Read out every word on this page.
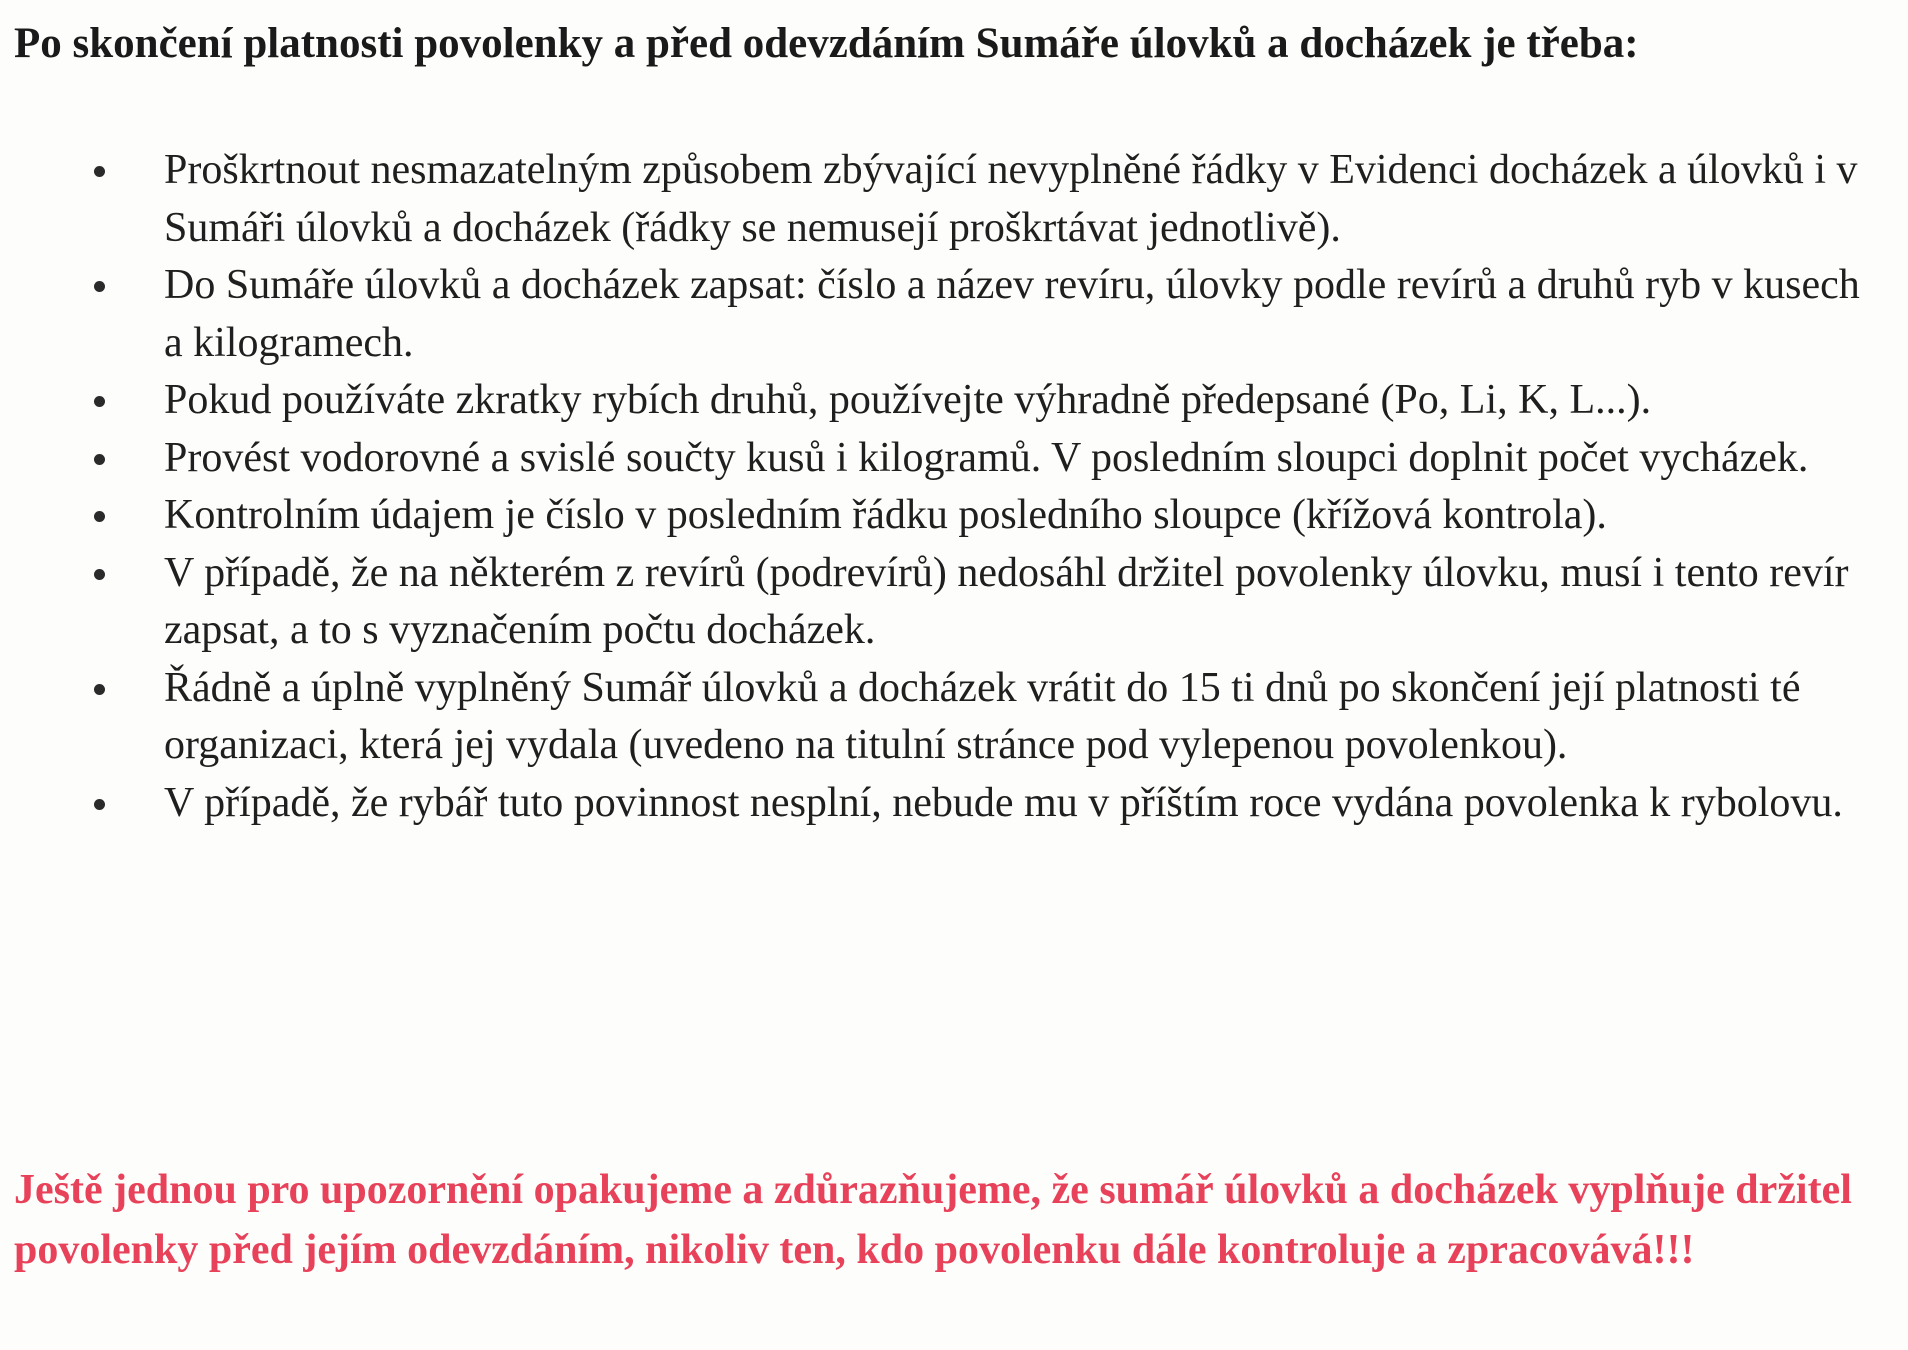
Po skončení platnosti povolenky a před odevzdáním Sumáře úlovků a docházek je třeba:
Proškrtnout nesmazatelným způsobem zbývající nevyplněné řádky v Evidenci docházek a úlovků i v Sumáři úlovků a docházek (řádky se nemusejí proškrtávat jednotlivě).
Do Sumáře úlovků a docházek zapsat: číslo a název revíru, úlovky podle revírů a druhů ryb v kusech a kilogramech.
Pokud používáte zkratky rybích druhů, používejte výhradně předepsané (Po, Li, K, L...).
Provést vodorovné a svislé součty kusů i kilogramů. V posledním sloupci doplnit počet vycházek.
Kontrolním údajem je číslo v posledním řádku posledního sloupce (křížová kontrola).
V případě, že na některém z revírů (podrevírů) nedosáhl držitel povolenky úlovku, musí i tento revír zapsat, a to s vyznačením počtu docházek.
Řádně a úplně vyplněný Sumář úlovků a docházek vrátit do 15 ti dnů po skončení její platnosti té organizaci, která jej vydala (uvedeno na titulní stránce pod vylepenou povolenkou).
V případě, že rybář tuto povinnost nesplní, nebude mu v příštím roce vydána povolenka k rybolovu.

Ještě jednou pro upozornění opakujeme a zdůrazňujeme, že sumář úlovků a docházek vyplňuje držitel povolenky před jejím odevzdáním, nikoliv ten, kdo povolenku dále kontroluje a zpracovává!!!
